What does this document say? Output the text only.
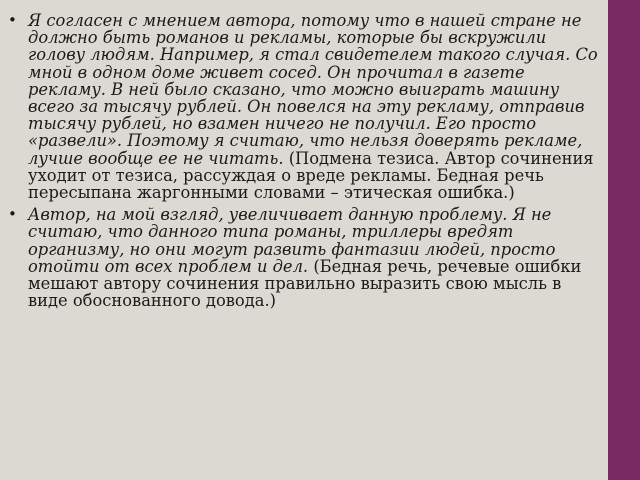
• Я согласен с мнением автора, потому что в нашей стране не должно быть романов и рекламы, которые бы вскружили голову людям. Например, я стал свидетелем такого случая. Со мной в одном доме живет сосед. Он прочитал в газете рекламу. В ней было сказано, что можно выиграть машину всего за тысячу рублей. Он повелся на эту рекламу, отправив тысячу рублей, но взамен ничего не получил. Его просто «развели». Поэтому я считаю, что нельзя доверять рекламе, лучше вообще ее не читать. (Подмена тезиса. Автор сочинения уходит от тезиса, рассуждая о вреде рекламы. Бедная речь пересыпана жаргонными словами – этическая ошибка.)
• Автор, на мой взгляд, увеличивает данную проблему. Я не считаю, что данного типа романы, триллеры вредят организму, но они могут развить фантазии людей, просто отойти от всех проблем и дел. (Бедная речь, речевые ошибки мешают автору сочинения правильно выразить свою мысль в виде обоснованного довода.)
